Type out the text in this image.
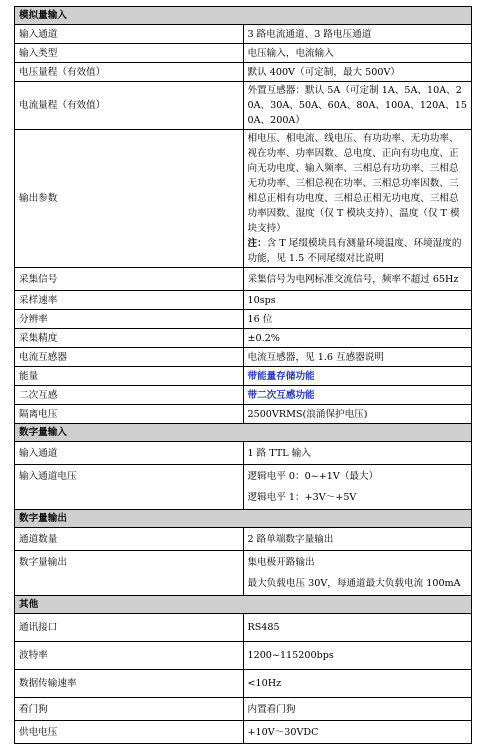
模拟量输入	
输入通道	3 路电流通道、3 路电压通道
输入类型	电压输入，电流输入
电压量程（有效值）	默认 400V（可定制，最大 500V）
电流量程（有效值）	外置互感器：默认 5A（可定制 1A、5A、10A、20A、30A、50A、60A、80A、100A、120A、150A、200A）
输出参数	相电压、相电流、线电压、有功功率、无功功率、视在功率、功率因数、总电度、正向有功电度、正向无功电度、输入频率、三相总有功功率、三相总无功功率、三相总视在功率、三相总功率因数、三相总正相有功电度、三相总正相无功电度、三相总功率因数、湿度（仅 T 模块支持）、温度（仅 T 模块支持）
注：含 T 尾缀模块具有测量环境温度、环境湿度的功能，见 1.5 不同尾缀对比说明
采集信号	采集信号为电网标准交流信号，频率不超过 65Hz
采样速率	10sps
分辨率	16 位
采集精度	±0.2%
电流互感器	电流互感器，见 1.6 互感器说明
能量	带能量存储功能
二次互感	带二次互感功能
隔离电压	2500VRMS(浪涌保护电压)
数字量输入	
输入通道	1 路 TTL 输入
输入通道电压	逻辑电平 0：0~+1V（最大）
逻辑电平 1：+3V～+5V

数字量输出	
通道数量	2 路单端数字量输出
数字量输出	集电极开路输出
最大负载电压 30V，每通道最大负载电流 100mA

其他	
通讯接口	RS485
波特率	1200~115200bps
数据传输速率	<10Hz
看门狗	内置看门狗
供电电压	+10V～30VDC
